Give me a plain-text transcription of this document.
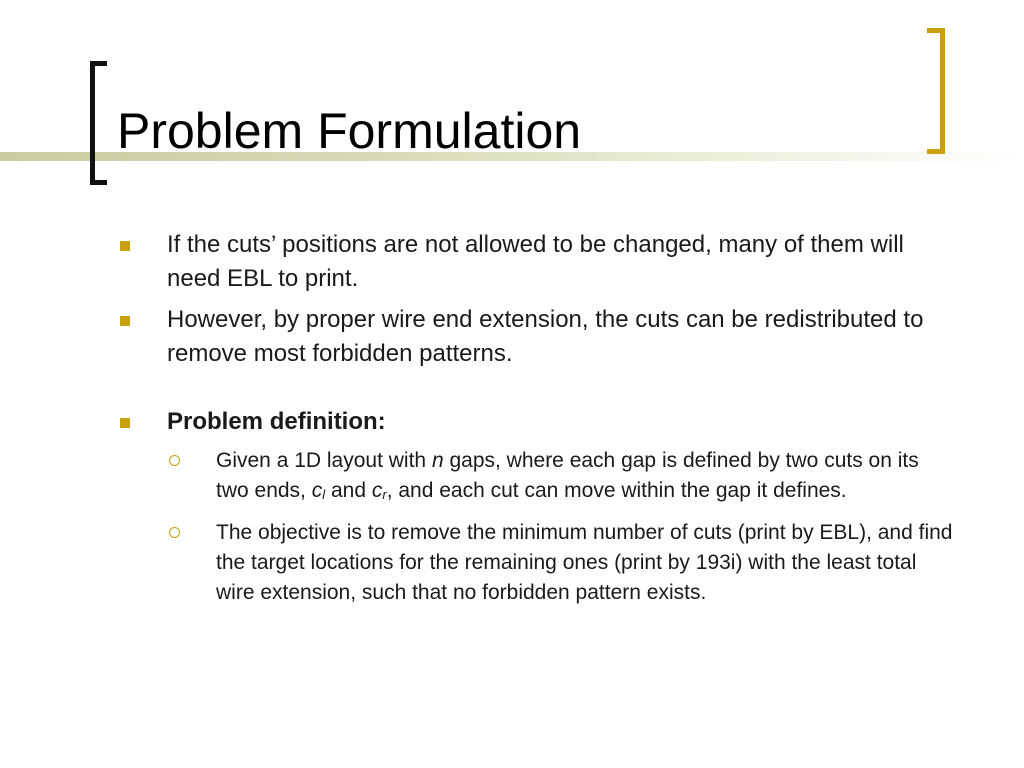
Problem Formulation
If the cuts’ positions are not allowed to be changed, many of them will need EBL to print.
However, by proper wire end extension, the cuts can be redistributed to remove most forbidden patterns.
Problem definition:
Given a 1D layout with n gaps, where each gap is defined by two cuts on its two ends, cl and cr, and each cut can move within the gap it defines.
The objective is to remove the minimum number of cuts (print by EBL), and find the target locations for the remaining ones (print by 193i) with the least total wire extension, such that no forbidden pattern exists.
